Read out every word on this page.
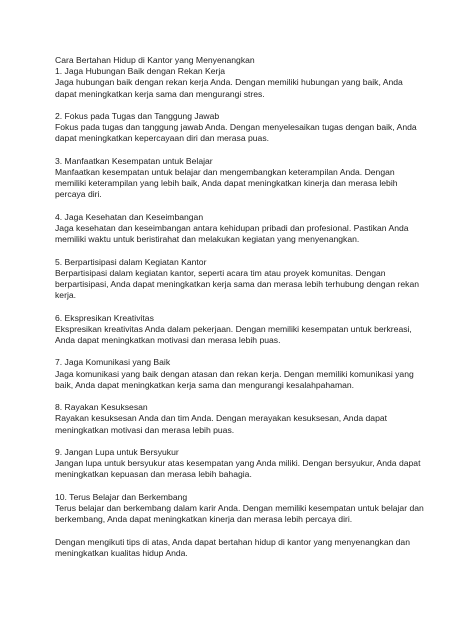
Cara Bertahan Hidup di Kantor yang Menyenangkan

1. Jaga Hubungan Baik dengan Rekan Kerja

Jaga hubungan baik dengan rekan kerja Anda. Dengan memiliki hubungan yang baik, Anda dapat meningkatkan kerja sama dan mengurangi stres.

2. Fokus pada Tugas dan Tanggung Jawab

Fokus pada tugas dan tanggung jawab Anda. Dengan menyelesaikan tugas dengan baik, Anda dapat meningkatkan kepercayaan diri dan merasa puas.

3. Manfaatkan Kesempatan untuk Belajar

Manfaatkan kesempatan untuk belajar dan mengembangkan keterampilan Anda. Dengan memiliki keterampilan yang lebih baik, Anda dapat meningkatkan kinerja dan merasa lebih percaya diri.

4. Jaga Kesehatan dan Keseimbangan

Jaga kesehatan dan keseimbangan antara kehidupan pribadi dan profesional. Pastikan Anda memiliki waktu untuk beristirahat dan melakukan kegiatan yang menyenangkan.

5. Berpartisipasi dalam Kegiatan Kantor

Berpartisipasi dalam kegiatan kantor, seperti acara tim atau proyek komunitas. Dengan berpartisipasi, Anda dapat meningkatkan kerja sama dan merasa lebih terhubung dengan rekan kerja.

6. Ekspresikan Kreativitas

Ekspresikan kreativitas Anda dalam pekerjaan. Dengan memiliki kesempatan untuk berkreasi, Anda dapat meningkatkan motivasi dan merasa lebih puas.

7. Jaga Komunikasi yang Baik

Jaga komunikasi yang baik dengan atasan dan rekan kerja. Dengan memiliki komunikasi yang baik, Anda dapat meningkatkan kerja sama dan mengurangi kesalahpahaman.

8. Rayakan Kesuksesan

Rayakan kesuksesan Anda dan tim Anda. Dengan merayakan kesuksesan, Anda dapat meningkatkan motivasi dan merasa lebih puas.

9. Jangan Lupa untuk Bersyukur

Jangan lupa untuk bersyukur atas kesempatan yang Anda miliki. Dengan bersyukur, Anda dapat meningkatkan kepuasan dan merasa lebih bahagia.

10. Terus Belajar dan Berkembang

Terus belajar dan berkembang dalam karir Anda. Dengan memiliki kesempatan untuk belajar dan berkembang, Anda dapat meningkatkan kinerja dan merasa lebih percaya diri.

Dengan mengikuti tips di atas, Anda dapat bertahan hidup di kantor yang menyenangkan dan meningkatkan kualitas hidup Anda.
